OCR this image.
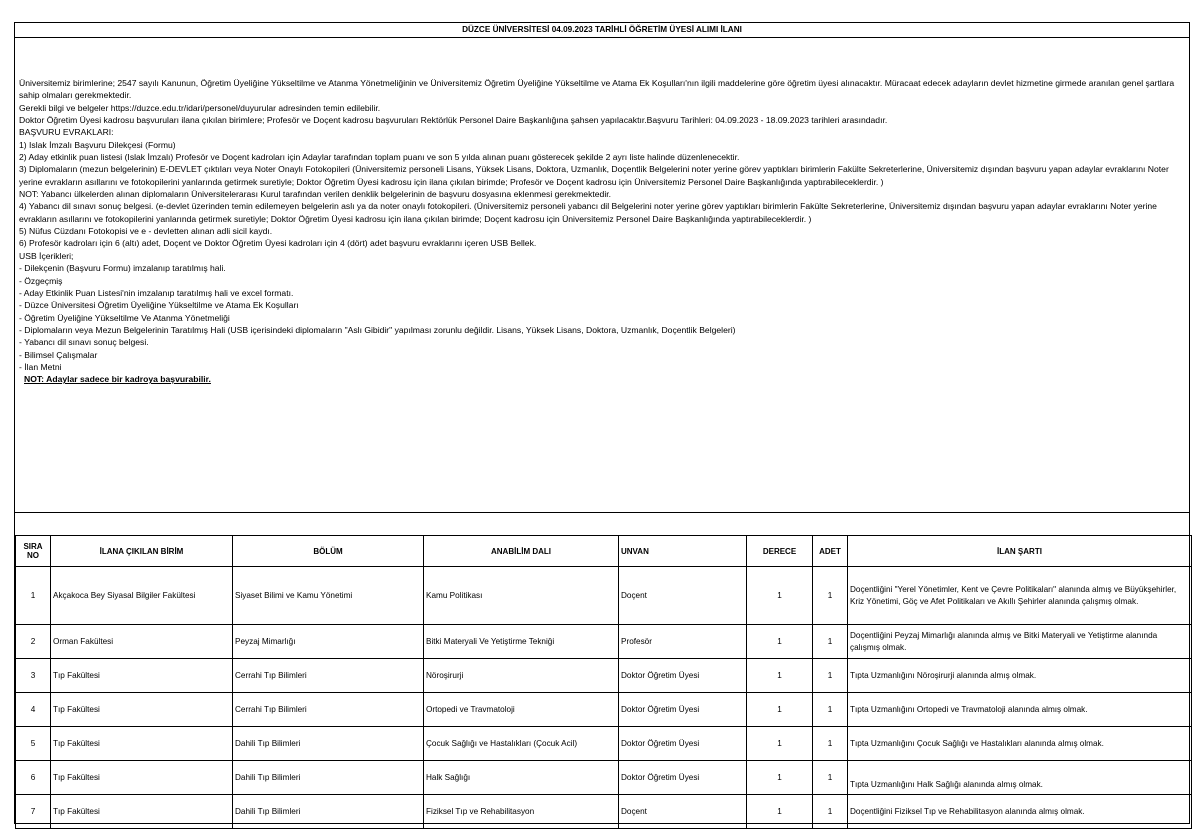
DÜZCE ÜNİVERSİTESİ 04.09.2023 TARİHLİ ÖĞRETİM ÜYESİ ALIMI İLANI
Üniversitemiz birimlerine; 2547 sayılı Kanunun, Öğretim Üyeliğine Yükseltilme ve Atanma Yönetmeliğinin ve Üniversitemiz Öğretim Üyeliğine Yükseltilme ve Atama Ek Koşulları'nın ilgili maddelerine göre öğretim üyesi alınacaktır. Müracaat edecek adayların devlet hizmetine girmede aranılan genel şartlara sahip olmaları gerekmektedir.
Gerekli bilgi ve belgeler https://duzce.edu.tr/idari/personel/duyurular adresinden temin edilebilir.
Doktor Öğretim Üyesi kadrosu başvuruları ilana çıkılan birimlere; Profesör ve Doçent kadrosu başvuruları Rektörlük Personel Daire Başkanlığına şahsen yapılacaktır.Başvuru Tarihleri: 04.09.2023 - 18.09.2023 tarihleri arasındadır.
BAŞVURU EVRAKLARI:
1) Islak İmzalı Başvuru Dilekçesi (Formu)
2) Aday etkinlik puan listesi (Islak İmzalı) Profesör ve Doçent kadroları için Adaylar tarafından toplam puanı ve son 5 yılda alınan puanı gösterecek şekilde 2 ayrı liste halinde düzenlenecektir.
3) Diplomaların (mezun belgelerinin) E-DEVLET çıktıları veya Noter Onaylı Fotokopileri (Üniversitemiz personeli Lisans, Yüksek Lisans, Doktora, Uzmanlık, Doçentlik Belgelerini noter yerine görev yaptıkları birimlerin Fakülte Sekreterlerine, Üniversitemiz dışından başvuru yapan adaylar evraklarını Noter yerine evrakların asıllarını ve fotokopilerini yanlarında getirmek suretiyle; Doktor Öğretim Üyesi kadrosu için ilana çıkılan birimde; Profesör ve Doçent kadrosu için Üniversitemiz Personel Daire Başkanlığında yaptırabileceklerdir. )
NOT: Yabancı ülkelerden alınan diplomaların Üniversitelerarası Kurul tarafından verilen denklik belgelerinin de başvuru dosyasına eklenmesi gerekmektedir.
4) Yabancı dil sınavı sonuç belgesi. (e-devlet üzerinden temin edilemeyen belgelerin aslı ya da noter onaylı fotokopileri. (Üniversitemiz personeli yabancı dil Belgelerini noter yerine görev yaptıkları birimlerin Fakülte Sekreterlerine, Üniversitemiz dışından başvuru yapan adaylar evraklarını Noter yerine evrakların asıllarını ve fotokopilerini yanlarında getirmek suretiyle; Doktor Öğretim Üyesi kadrosu için ilana çıkılan birimde; Doçent kadrosu için Üniversitemiz Personel Daire Başkanlığında yaptırabileceklerdir. )
5) Nüfus Cüzdanı Fotokopisi ve e - devletten alınan adli sicil kaydı.
6) Profesör kadroları için 6 (altı) adet, Doçent ve Doktor Öğretim Üyesi kadroları için 4 (dört) adet başvuru evraklarını içeren USB Bellek.
USB İçerikleri;
- Dilekçenin (Başvuru Formu) imzalanıp taratılmış hali.
- Özgeçmiş
- Aday Etkinlik Puan Listesi'nin imzalanıp taratılmış hali ve excel formatı.
- Düzce Üniversitesi Öğretim Üyeliğine Yükseltilme ve Atama Ek Koşulları
- Öğretim Üyeliğine Yükseltilme Ve Atanma Yönetmeliği
- Diplomaların veya Mezun Belgelerinin Taratılmış Hali (USB içerisindeki diplomaların "Aslı Gibidir" yapılması zorunlu değildir. Lisans, Yüksek Lisans, Doktora, Uzmanlık, Doçentlik Belgeleri)
- Yabancı dil sınavı sonuç belgesi.
- Bilimsel Çalışmalar
- İlan Metni
NOT: Adaylar sadece bir kadroya başvurabilir.
SIRA NO	İLANA ÇIKILAN BİRİM	BÖLÜM	ANABİLİM DALI	UNVAN	DERECE	ADET	İLAN ŞARTI
1	Akçakoca Bey Siyasal Bilgiler Fakültesi	Siyaset Bilimi ve Kamu Yönetimi	Kamu Politikası	Doçent	1	1	Doçentliğini "Yerel Yönetimler, Kent ve Çevre Politikaları" alanında almış ve Büyükşehirler, Kriz Yönetimi, Göç ve Afet Politikaları ve Akıllı Şehirler alanında çalışmış olmak.
2	Orman Fakültesi	Peyzaj Mimarlığı	Bitki Materyali Ve Yetiştirme Tekniği	Profesör	1	1	Doçentliğini Peyzaj Mimarlığı alanında almış ve Bitki Materyali ve Yetiştirme alanında çalışmış olmak.
3	Tıp Fakültesi	Cerrahi Tıp Bilimleri	Nöroşirurji	Doktor Öğretim Üyesi	1	1	Tıpta Uzmanlığını Nöroşirurji alanında almış olmak.
4	Tıp Fakültesi	Cerrahi Tıp Bilimleri	Ortopedi ve Travmatoloji	Doktor Öğretim Üyesi	1	1	Tıpta Uzmanlığını Ortopedi ve Travmatoloji alanında almış olmak.
5	Tıp Fakültesi	Dahili Tıp Bilimleri	Çocuk Sağlığı ve Hastalıkları (Çocuk Acil)	Doktor Öğretim Üyesi	1	1	Tıpta Uzmanlığını Çocuk Sağlığı ve Hastalıkları alanında almış olmak.
6	Tıp Fakültesi	Dahili Tıp Bilimleri	Halk Sağlığı	Doktor Öğretim Üyesi	1	1	Tıpta Uzmanlığını Halk Sağlığı alanında almış olmak.
7	Tıp Fakültesi	Dahili Tıp Bilimleri	Fiziksel Tıp ve Rehabilitasyon	Doçent	1	1	Doçentliğini Fiziksel Tıp ve Rehabilitasyon alanında almış olmak.
